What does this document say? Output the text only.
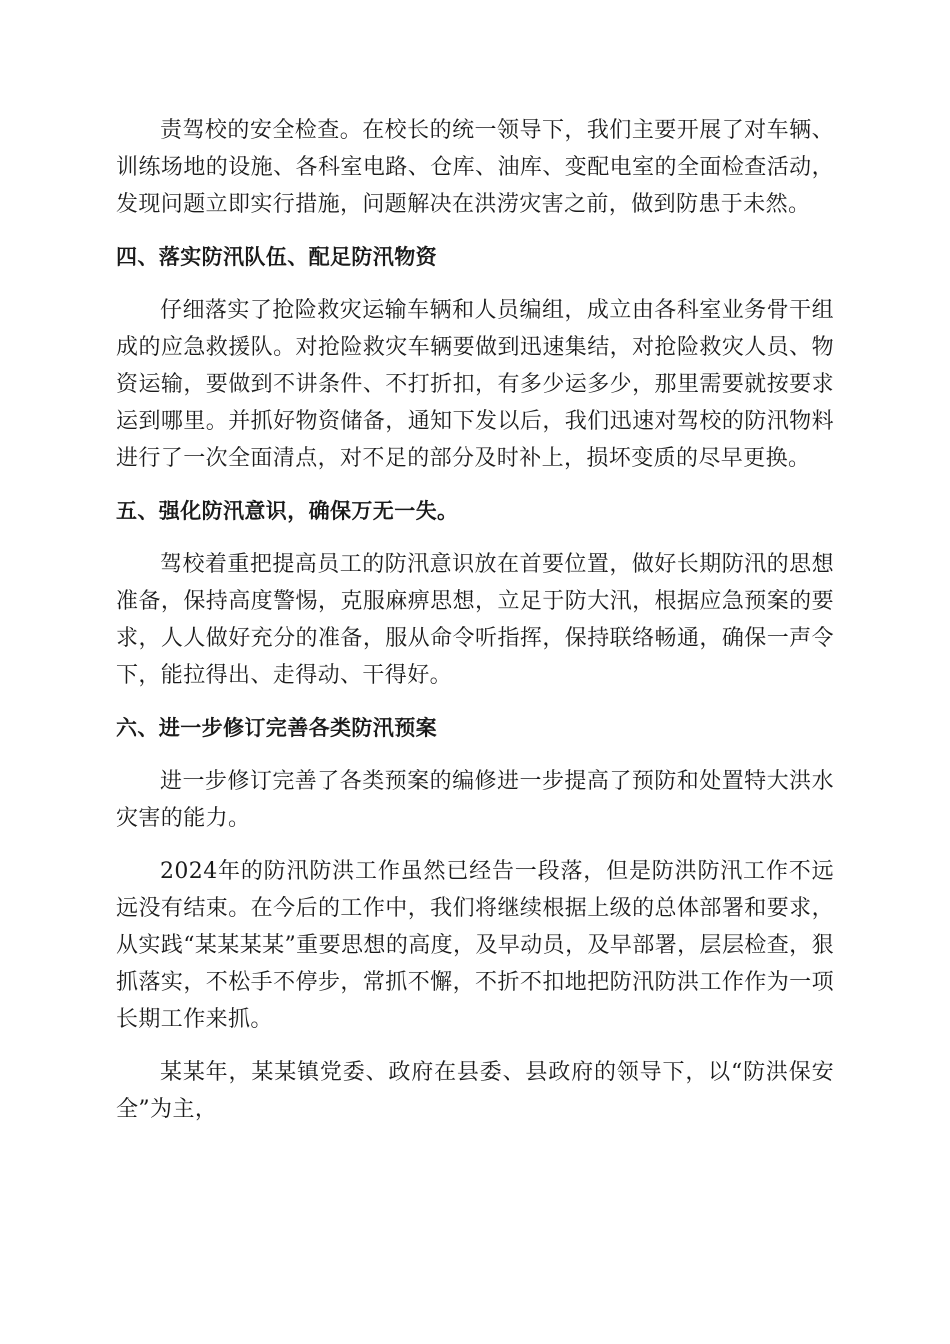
责驾校的安全检查。在校长的统一领导下，我们主要开展了对车辆、训练场地的设施、各科室电路、仓库、油库、变配电室的全面检查活动，发现问题立即实行措施，问题解决在洪涝灾害之前，做到防患于未然。

四、落实防汛队伍、配足防汛物资

仔细落实了抢险救灾运输车辆和人员编组，成立由各科室业务骨干组成的应急救援队。对抢险救灾车辆要做到迅速集结，对抢险救灾人员、物资运输，要做到不讲条件、不打折扣，有多少运多少，那里需要就按要求运到哪里。并抓好物资储备，通知下发以后，我们迅速对驾校的防汛物料进行了一次全面清点，对不足的部分及时补上，损坏变质的尽早更换。

五、强化防汛意识，确保万无一失。

驾校着重把提高员工的防汛意识放在首要位置，做好长期防汛的思想准备，保持高度警惕，克服麻痹思想，立足于防大汛，根据应急预案的要求，人人做好充分的准备，服从命令听指挥，保持联络畅通，确保一声令下，能拉得出、走得动、干得好。

六、进一步修订完善各类防汛预案

进一步修订完善了各类预案的编修进一步提高了预防和处置特大洪水灾害的能力。

2024年的防汛防洪工作虽然已经告一段落，但是防洪防汛工作不远远没有结束。在今后的工作中，我们将继续根据上级的总体部署和要求，从实践“某某某某”重要思想的高度，及早动员，及早部署，层层检查，狠抓落实，不松手不停步，常抓不懈，不折不扣地把防汛防洪工作作为一项长期工作来抓。

某某年，某某镇党委、政府在县委、县政府的领导下，以“防洪保安全”为主，
